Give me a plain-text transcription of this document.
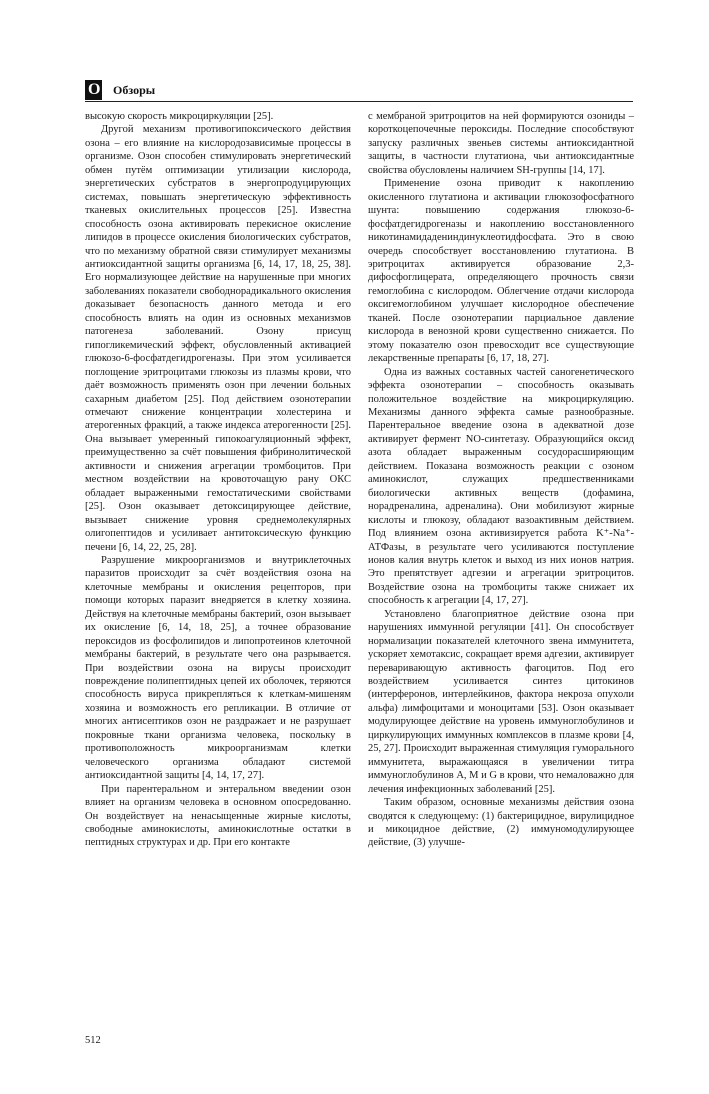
О Обзоры

высокую скорость микроциркуляции [25].

Другой механизм противогипоксического действия озона – его влияние на кислородозависимые процессы в организме. Озон способен стимулировать энергетический обмен путём оптимизации утилизации кислорода, энергетических субстратов в энергопродуцирующих системах, повышать энергетическую эффективность тканевых окислительных процессов [25]. Известна способность озона активировать перекисное окисление липидов в процессе окисления биологических субстратов, что по механизму обратной связи стимулирует механизмы антиоксидантной защиты организма [6, 14, 17, 18, 25, 38]. Его нормализующее действие на нарушенные при многих заболеваниях показатели свободнорадикального окисления доказывает безопасность данного метода и его способность влиять на один из основных механизмов патогенеза заболеваний. Озону присущ гипогликемический эффект, обусловленный активацией глюкозо-6-фосфатдегидрогеназы. При этом усиливается поглощение эритроцитами глюкозы из плазмы крови, что даёт возможность применять озон при лечении больных сахарным диабетом [25]. Под действием озонотерапии отмечают снижение концентрации холестерина и атерогенных фракций, а также индекса атерогенности [25]. Она вызывает умеренный гипокоагуляционный эффект, преимущественно за счёт повышения фибринолитической активности и снижения агрегации тромбоцитов. При местном воздействии на кровоточащую рану ОКС обладает выраженными гемостатическими свойствами [25]. Озон оказывает детоксицирующее действие, вызывает снижение уровня среднемолекулярных олигопептидов и усиливает антитоксическую функцию печени [6, 14, 22, 25, 28].

Разрушение микроорганизмов и внутриклеточных паразитов происходит за счёт воздействия озона на клеточные мембраны и окисления рецепторов, при помощи которых паразит внедряется в клетку хозяина. Действуя на клеточные мембраны бактерий, озон вызывает их окисление [6, 14, 18, 25], а точнее образование пероксидов из фосфолипидов и липопротеинов клеточной мембраны бактерий, в результате чего она разрывается. При воздействии озона на вирусы происходит повреждение полипептидных цепей их оболочек, теряются способность вируса прикрепляться к клеткам-мишеням хозяина и возможность его репликации. В отличие от многих антисептиков озон не раздражает и не разрушает покровные ткани организма человека, поскольку в противоположность микроорганизмам клетки человеческого организма обладают системой антиоксидантной защиты [4, 14, 17, 27].

При парентеральном и энтеральном введении озон влияет на организм человека в основном опосредованно. Он воздействует на ненасыщенные жирные кислоты, свободные аминокислоты, аминокислотные остатки в пептидных структурах и др. При его контакте

с мембраной эритроцитов на ней формируются озониды – короткоцепочечные пероксиды. Последние способствуют запуску различных звеньев системы антиоксидантной защиты, в частности глутатиона, чьи антиоксидантные свойства обусловлены наличием SH-группы [14, 17].

Применение озона приводит к накоплению окисленного глутатиона и активации глюкозофосфатного шунта: повышению содержания глюкозо-6-фосфатдегидрогеназы и накоплению восстановленного никотинамидадениндинуклеотидфосфата. Это в свою очередь способствует восстановлению глутатиона. В эритроцитах активируется образование 2,3-дифосфоглицерата, определяющего прочность связи гемоглобина с кислородом. Облегчение отдачи кислорода оксигемоглобином улучшает кислородное обеспечение тканей. После озонотерапии парциальное давление кислорода в венозной крови существенно снижается. По этому показателю озон превосходит все существующие лекарственные препараты [6, 17, 18, 27].

Одна из важных составных частей саногенетического эффекта озонотерапии – способность оказывать положительное воздействие на микроциркуляцию. Механизмы данного эффекта самые разнообразные. Парентеральное введение озона в адекватной дозе активирует фермент NO-синтетазу. Образующийся оксид азота обладает выраженным сосудорасширяющим действием. Показана возможность реакции с озоном аминокислот, служащих предшественниками биологически активных веществ (дофамина, норадреналина, адреналина). Они мобилизуют жирные кислоты и глюкозу, обладают вазоактивным действием. Под влиянием озона активизируется работа K⁺-Na⁺-АТФазы, в результате чего усиливаются поступление ионов калия внутрь клеток и выход из них ионов натрия. Это препятствует адгезии и агрегации эритроцитов. Воздействие озона на тромбоциты также снижает их способность к агрегации [4, 17, 27].

Установлено благоприятное действие озона при нарушениях иммунной регуляции [41]. Он способствует нормализации показателей клеточного звена иммунитета, ускоряет хемотаксис, сокращает время адгезии, активирует переваривающую активность фагоцитов. Под его воздействием усиливается синтез цитокинов (интерферонов, интерлейкинов, фактора некроза опухоли альфа) лимфоцитами и моноцитами [53]. Озон оказывает модулирующее действие на уровень иммуноглобулинов и циркулирующих иммунных комплексов в плазме крови [4, 25, 27]. Происходит выраженная стимуляция гуморального иммунитета, выражающаяся в увеличении титра иммуноглобулинов A, M и G в крови, что немаловажно для лечения инфекционных заболеваний [25].

Таким образом, основные механизмы действия озона сводятся к следующему: (1) бактерицидное, вирулицидное и микоцидное действие, (2) иммуномодулирующее действие, (3) улучше-

512
